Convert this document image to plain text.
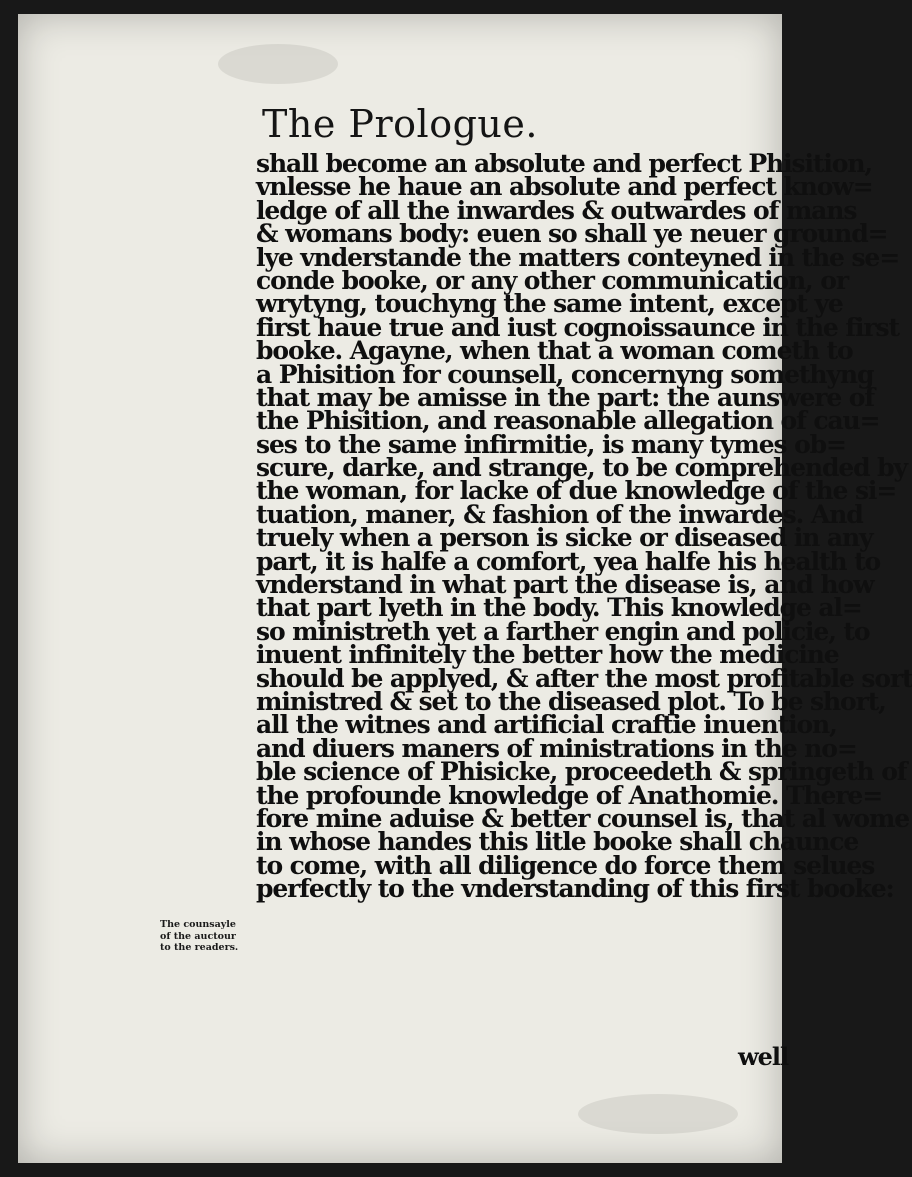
The Prologue.
shall become an absolute and perfect Phisition,
vnlesse he haue an absolute and perfect know=
ledge of all the inwardes & outwardes of mans
& womans body: euen so shall ye neuer ground=
lye vnderstande the matters conteyned in the se=
conde booke, or any other communication, or
wrytyng, touchyng the same intent, except ye
first haue true and iust cognoissaunce in the first
booke. Agayne, when that a woman cometh to
a Phisition for counsell, concernyng somethyng
that may be amisse in the part: the aunswere of
the Phisition, and reasonable allegation of cau=
ses to the same infirmitie, is many tymes ob=
scure, darke, and strange, to be comprehended by
the woman, for lacke of due knowledge of the si=
tuation, maner, & fashion of the inwardes. And
truely when a person is sicke or diseased in any
part, it is halfe a comfort, yea halfe his health to
vnderstand in what part the disease is, and how
that part lyeth in the body. This knowledge al=
so ministreth yet a farther engin and policie, to
inuent infinitely the better how the medicine
should be applyed, & after the most profitable sort
ministred & set to the diseased plot. To be short,
all the witnes and artificial craftie inuention,
and diuers maners of ministrations in the no=
ble science of Phisicke, proceedeth & springeth of
the profounde knowledge of Anathomie. There=
fore mine aduise & better counsel is, that al wome
in whose handes this litle booke shall chaunce
to come, with all diligence do force them selues
perfectly to the vnderstanding of this first booke:
The counsayle
of the auctour
to the readers.
well
